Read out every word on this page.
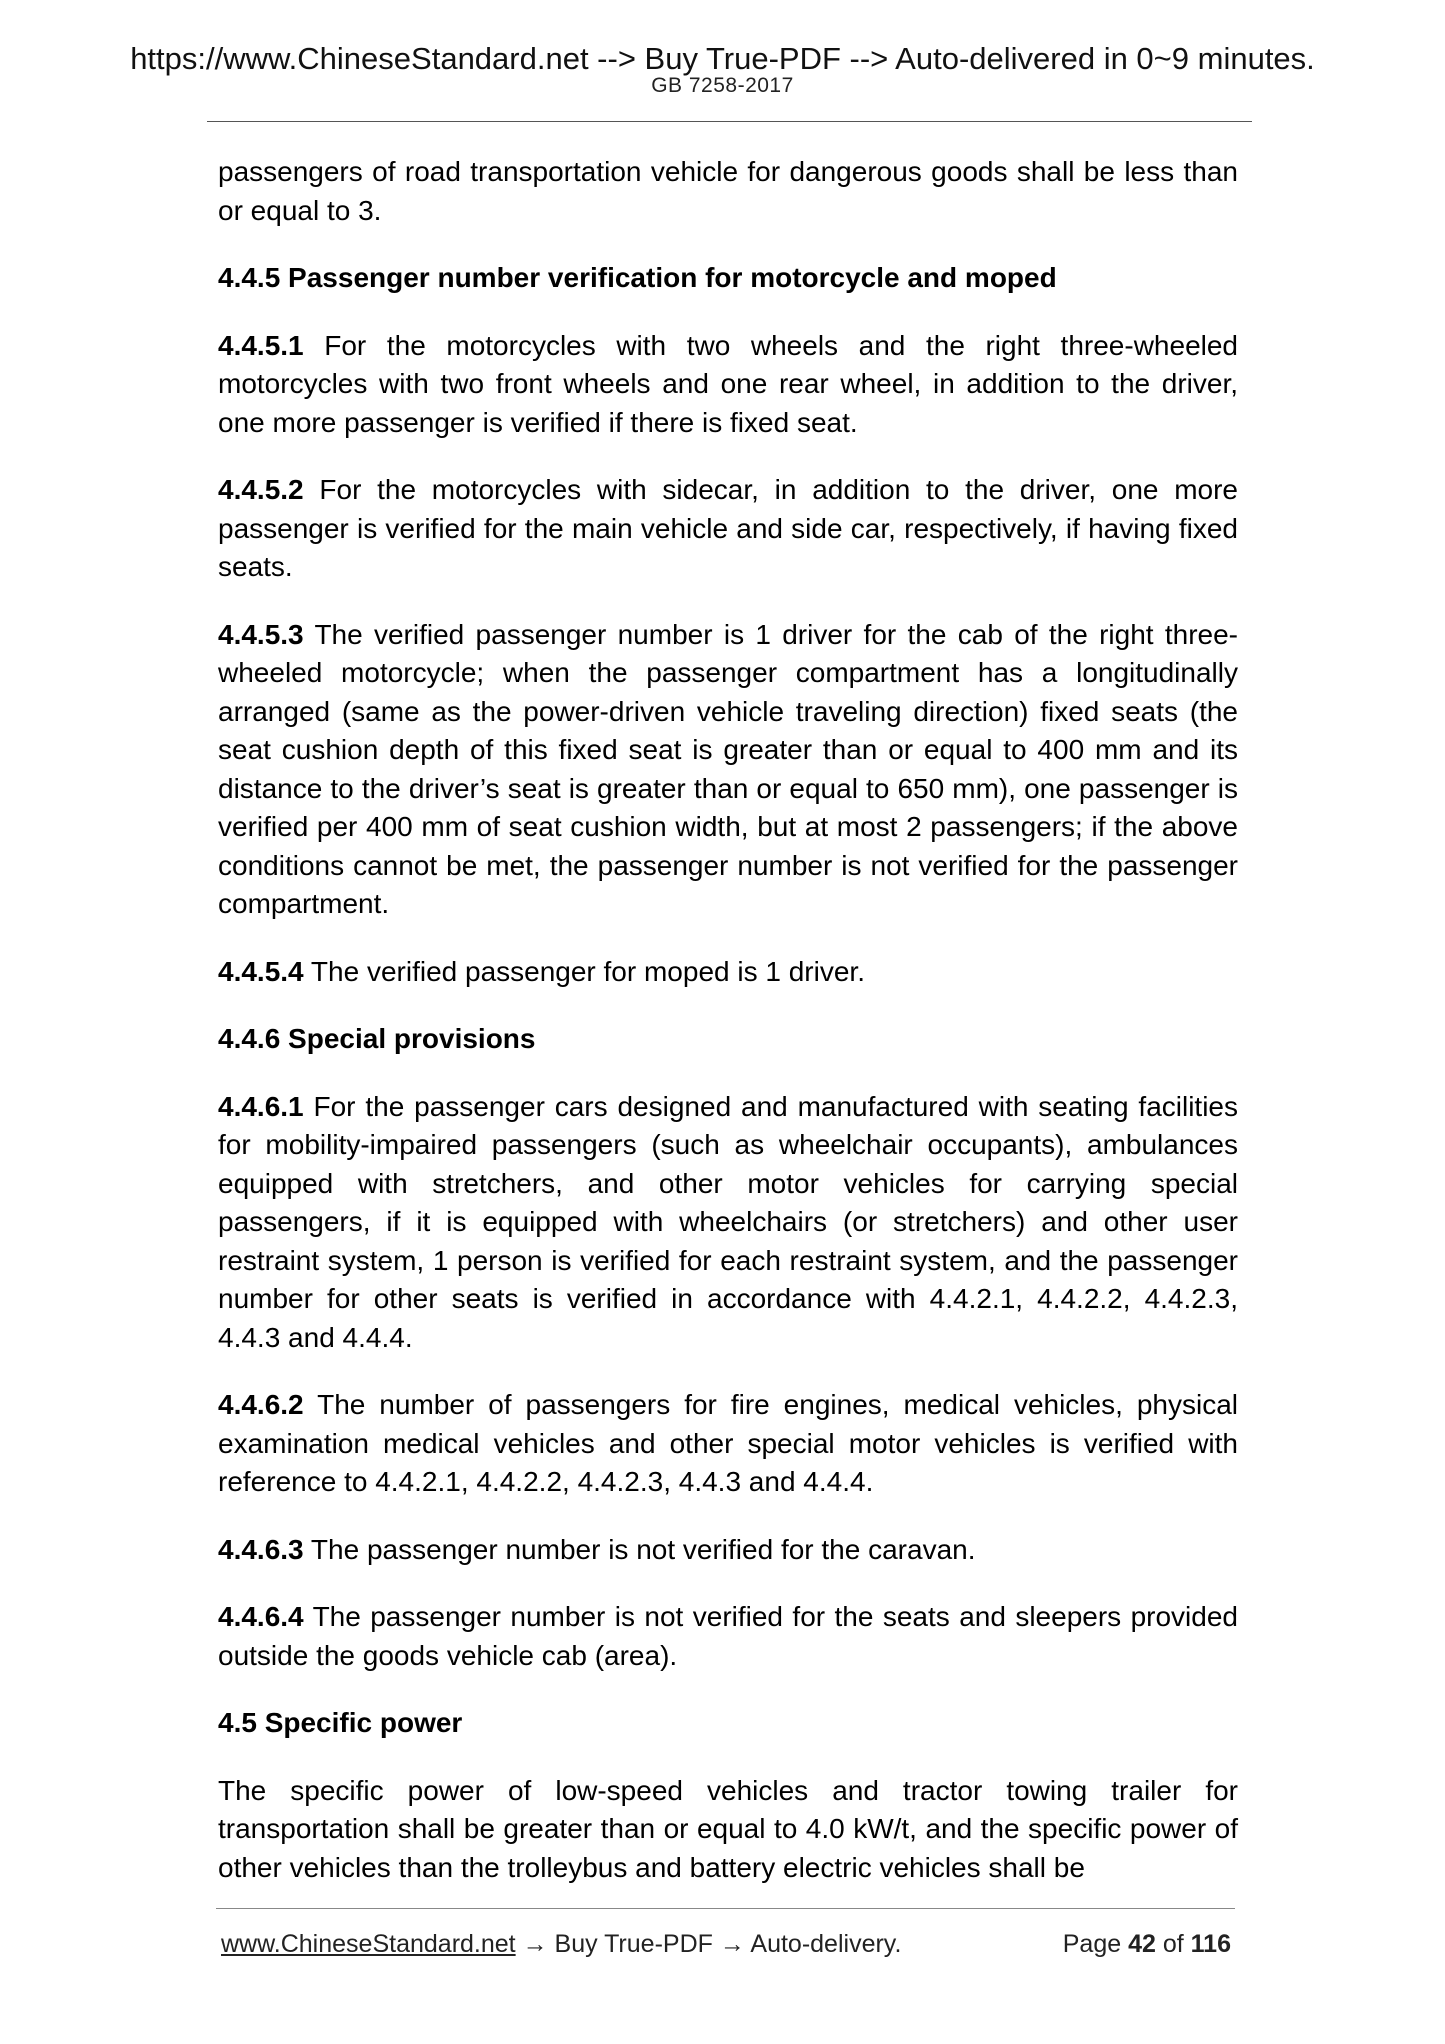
https://www.ChineseStandard.net --> Buy True-PDF --> Auto-delivered in 0~9 minutes.
GB 7258-2017

passengers of road transportation vehicle for dangerous goods shall be less than or equal to 3.

4.4.5 Passenger number verification for motorcycle and moped

4.4.5.1 For the motorcycles with two wheels and the right three-wheeled motorcycles with two front wheels and one rear wheel, in addition to the driver, one more passenger is verified if there is fixed seat.

4.4.5.2 For the motorcycles with sidecar, in addition to the driver, one more passenger is verified for the main vehicle and side car, respectively, if having fixed seats.

4.4.5.3 The verified passenger number is 1 driver for the cab of the right three-wheeled motorcycle; when the passenger compartment has a longitudinally arranged (same as the power-driven vehicle traveling direction) fixed seats (the seat cushion depth of this fixed seat is greater than or equal to 400 mm and its distance to the driver’s seat is greater than or equal to 650 mm), one passenger is verified per 400 mm of seat cushion width, but at most 2 passengers; if the above conditions cannot be met, the passenger number is not verified for the passenger compartment.

4.4.5.4 The verified passenger for moped is 1 driver.

4.4.6 Special provisions

4.4.6.1 For the passenger cars designed and manufactured with seating facilities for mobility-impaired passengers (such as wheelchair occupants), ambulances equipped with stretchers, and other motor vehicles for carrying special passengers, if it is equipped with wheelchairs (or stretchers) and other user restraint system, 1 person is verified for each restraint system, and the passenger number for other seats is verified in accordance with 4.4.2.1, 4.4.2.2, 4.4.2.3, 4.4.3 and 4.4.4.

4.4.6.2 The number of passengers for fire engines, medical vehicles, physical examination medical vehicles and other special motor vehicles is verified with reference to 4.4.2.1, 4.4.2.2, 4.4.2.3, 4.4.3 and 4.4.4.

4.4.6.3 The passenger number is not verified for the caravan.

4.4.6.4 The passenger number is not verified for the seats and sleepers provided outside the goods vehicle cab (area).

4.5 Specific power

The specific power of low-speed vehicles and tractor towing trailer for transportation shall be greater than or equal to 4.0 kW/t, and the specific power of other vehicles than the trolleybus and battery electric vehicles shall be

www.ChineseStandard.net → Buy True-PDF → Auto-delivery.	Page 42 of 116
